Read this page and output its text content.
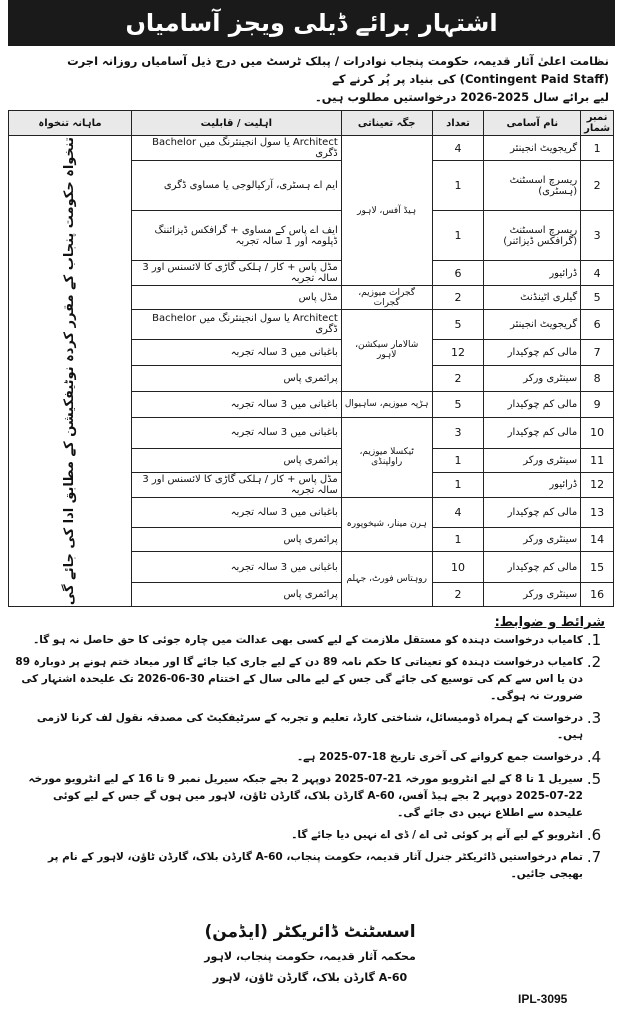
اشتہار برائے ڈیلی ویجز آسامیاں
نظامت اعلیٰ آثار قدیمہ، حکومت پنجاب نوادرات / پبلک ٹرسٹ میں درج ذیل آسامیاں روزانہ اجرت (Contingent Paid Staff) کی بنیاد پر پُر کرنے کے
لیے برائے سال 2025-2026 درخواستیں مطلوب ہیں۔
نمبر شمار	نام آسامی	تعداد	جگہ تعیناتی	اہلیت / قابلیت	ماہانہ تنخواہ
1	گریجویٹ انجینئر	4	ہیڈ آفس، لاہور	Architect یا سول انجینئرنگ میں Bachelor ڈگری	تنخواہ حکومت پنجاب کے مقرر کردہ نوٹیفکیشن کے مطابق ادا کی جائے گی

2	ریسرچ اسسٹنٹ (ہسٹری)	1		ایم اے ہسٹری، آرکیالوجی یا مساوی ڈگری	
3	ریسرچ اسسٹنٹ (گرافکس ڈیزائنر)	1		ایف اے پاس کے مساوی + گرافکس ڈیزائننگ ڈپلومہ اور 1 سالہ تجربہ	
4	ڈرائیور	6		مڈل پاس + کار / ہلکی گاڑی کا لائسنس اور 3 سالہ تجربہ	
5	گیلری اٹینڈنٹ	2	گجرات میوزیم، گجرات	مڈل پاس	
6	گریجویٹ انجینئر	5	شالامار سیکشن، لاہور	Architect یا سول انجینئرنگ میں Bachelor ڈگری	
7	مالی کم چوکیدار	12		باغبانی میں 3 سالہ تجربہ	
8	سینٹری ورکر	2		پرائمری پاس	
9	مالی کم چوکیدار	5	ہڑپہ میوزیم، ساہیوال	باغبانی میں 3 سالہ تجربہ	
10	مالی کم چوکیدار	3	ٹیکسلا میوزیم، راولپنڈی	باغبانی میں 3 سالہ تجربہ	
11	سینٹری ورکر	1		پرائمری پاس	
12	ڈرائیور	1		مڈل پاس + کار / ہلکی گاڑی کا لائسنس اور 3 سالہ تجربہ	
13	مالی کم چوکیدار	4	ہرن مینار، شیخوپورہ	باغبانی میں 3 سالہ تجربہ	
14	سینٹری ورکر	1		پرائمری پاس	
15	مالی کم چوکیدار	10	روہتاس فورٹ، جہلم	باغبانی میں 3 سالہ تجربہ	
16	سینٹری ورکر	2		پرائمری پاس	
شرائط و ضوابط:
1.
کامیاب درخواست دہندہ کو مستقل ملازمت کے لیے کسی بھی عدالت میں چارہ جوئی کا حق حاصل نہ ہو گا۔
2.
کامیاب درخواست دہندہ کو تعیناتی کا حکم نامہ 89 دن کے لیے جاری کیا جائے گا اور میعاد ختم ہونے پر دوبارہ 89 دن یا اس سے کم کی توسیع کی جائے گی جس کے لیے مالی سال کے اختتام 30-06-2026 تک علیحدہ اشتہار کی ضرورت نہ ہوگی۔
3.
درخواست کے ہمراہ ڈومیسائل، شناختی کارڈ، تعلیم و تجربہ کے سرٹیفکیٹ کی مصدقہ نقول لف کرنا لازمی ہیں۔
4.
درخواست جمع کروانے کی آخری تاریخ 18-07-2025 ہے۔
5.
سیریل 1 تا 8 کے لیے انٹرویو مورخہ 21-07-2025 دوپہر 2 بجے جبکہ سیریل نمبر 9 تا 16 کے لیے انٹرویو مورخہ 22-07-2025 دوپہر 2 بجے ہیڈ آفس، A-60 گارڈن بلاک، گارڈن ٹاؤن، لاہور میں ہوں گے جس کے لیے کوئی علیحدہ سے اطلاع نہیں دی جائے گی۔
6.
انٹرویو کے لیے آنے پر کوئی ٹی اے / ڈی اے نہیں دیا جائے گا۔
7.
تمام درخواستیں ڈائریکٹر جنرل آثار قدیمہ، حکومت پنجاب، A-60 گارڈن بلاک، گارڈن ٹاؤن، لاہور کے نام پر بھیجی جائیں۔
اسسٹنٹ ڈائریکٹر (ایڈمن)
محکمہ آثار قدیمہ، حکومت پنجاب، لاہور
A-60 گارڈن بلاک، گارڈن ٹاؤن، لاہور
IPL-3095
